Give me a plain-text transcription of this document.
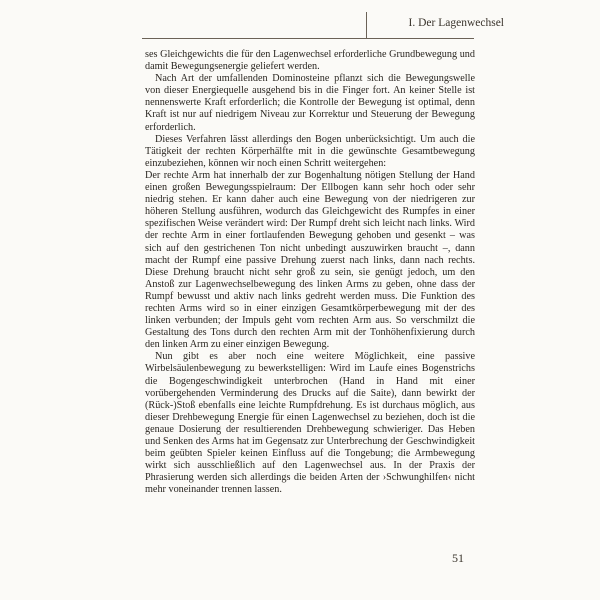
I. Der Lagenwechsel

ses Gleichgewichts die für den Lagenwechsel erforderliche Grundbewegung und damit Bewegungsenergie geliefert werden.

Nach Art der umfallenden Dominosteine pflanzt sich die Bewegungswelle von dieser Energiequelle ausgehend bis in die Finger fort. An keiner Stelle ist nennenswerte Kraft erforderlich; die Kontrolle der Bewegung ist optimal, denn Kraft ist nur auf niedrigem Niveau zur Korrektur und Steuerung der Bewegung erforderlich.

Dieses Verfahren lässt allerdings den Bogen unberücksichtigt. Um auch die Tätigkeit der rechten Körperhälfte mit in die gewünschte Gesamtbewegung einzubeziehen, können wir noch einen Schritt weitergehen:

Der rechte Arm hat innerhalb der zur Bogenhaltung nötigen Stellung der Hand einen großen Bewegungsspielraum: Der Ellbogen kann sehr hoch oder sehr niedrig stehen. Er kann daher auch eine Bewegung von der niedrigeren zur höheren Stellung ausführen, wodurch das Gleichgewicht des Rumpfes in einer spezifischen Weise verändert wird: Der Rumpf dreht sich leicht nach links. Wird der rechte Arm in einer fortlaufenden Bewegung gehoben und gesenkt – was sich auf den gestrichenen Ton nicht unbedingt auszuwirken braucht –, dann macht der Rumpf eine passive Drehung zuerst nach links, dann nach rechts. Diese Drehung braucht nicht sehr groß zu sein, sie genügt jedoch, um den Anstoß zur Lagenwechselbewegung des linken Arms zu geben, ohne dass der Rumpf bewusst und aktiv nach links gedreht werden muss. Die Funktion des rechten Arms wird so in einer einzigen Gesamtkörperbewegung mit der des linken verbunden; der Impuls geht vom rechten Arm aus. So verschmilzt die Gestaltung des Tons durch den rechten Arm mit der Tonhöhenfixierung durch den linken Arm zu einer einzigen Bewegung.

Nun gibt es aber noch eine weitere Möglichkeit, eine passive Wirbelsäulenbewegung zu bewerkstelligen: Wird im Laufe eines Bogenstrichs die Bogengeschwindigkeit unterbrochen (Hand in Hand mit einer vorübergehenden Verminderung des Drucks auf die Saite), dann bewirkt der (Rück-)Stoß ebenfalls eine leichte Rumpfdrehung. Es ist durchaus möglich, aus dieser Drehbewegung Energie für einen Lagenwechsel zu beziehen, doch ist die genaue Dosierung der resultierenden Drehbewegung schwieriger. Das Heben und Senken des Arms hat im Gegensatz zur Unterbrechung der Geschwindigkeit beim geübten Spieler keinen Einfluss auf die Tongebung; die Armbewegung wirkt sich ausschließlich auf den Lagenwechsel aus. In der Praxis der Phrasierung werden sich allerdings die beiden Arten der ›Schwunghilfen‹ nicht mehr voneinander trennen lassen.

51
